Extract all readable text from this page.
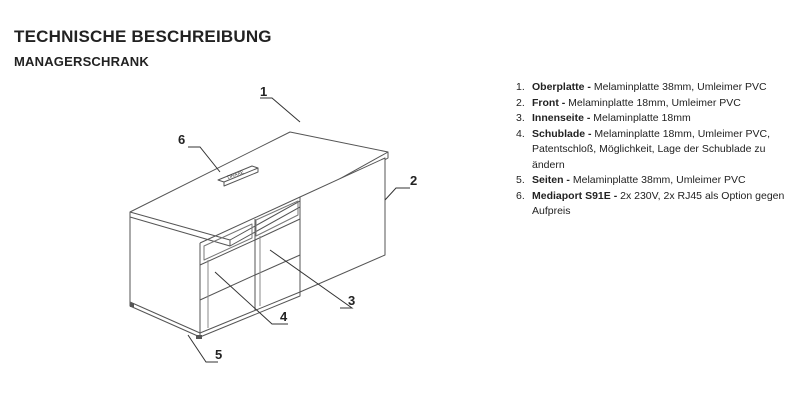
TECHNISCHE BESCHREIBUNG
MANAGERSCHRANK
DRAXE
1
2
3
4
5
6
1. Oberplatte - Melaminplatte 38mm, Umleimer PVC
2. Front - Melaminplatte 18mm, Umleimer PVC
3. Innenseite - Melaminplatte 18mm
4. Schublade - Melaminplatte 18mm, Umleimer PVC, Patentschloß, Möglichkeit, Lage der Schublade zu ändern
5. Seiten - Melaminplatte 38mm, Umleimer PVC
6. Mediaport S91E - 2x 230V, 2x RJ45 als Option gegen Aufpreis
